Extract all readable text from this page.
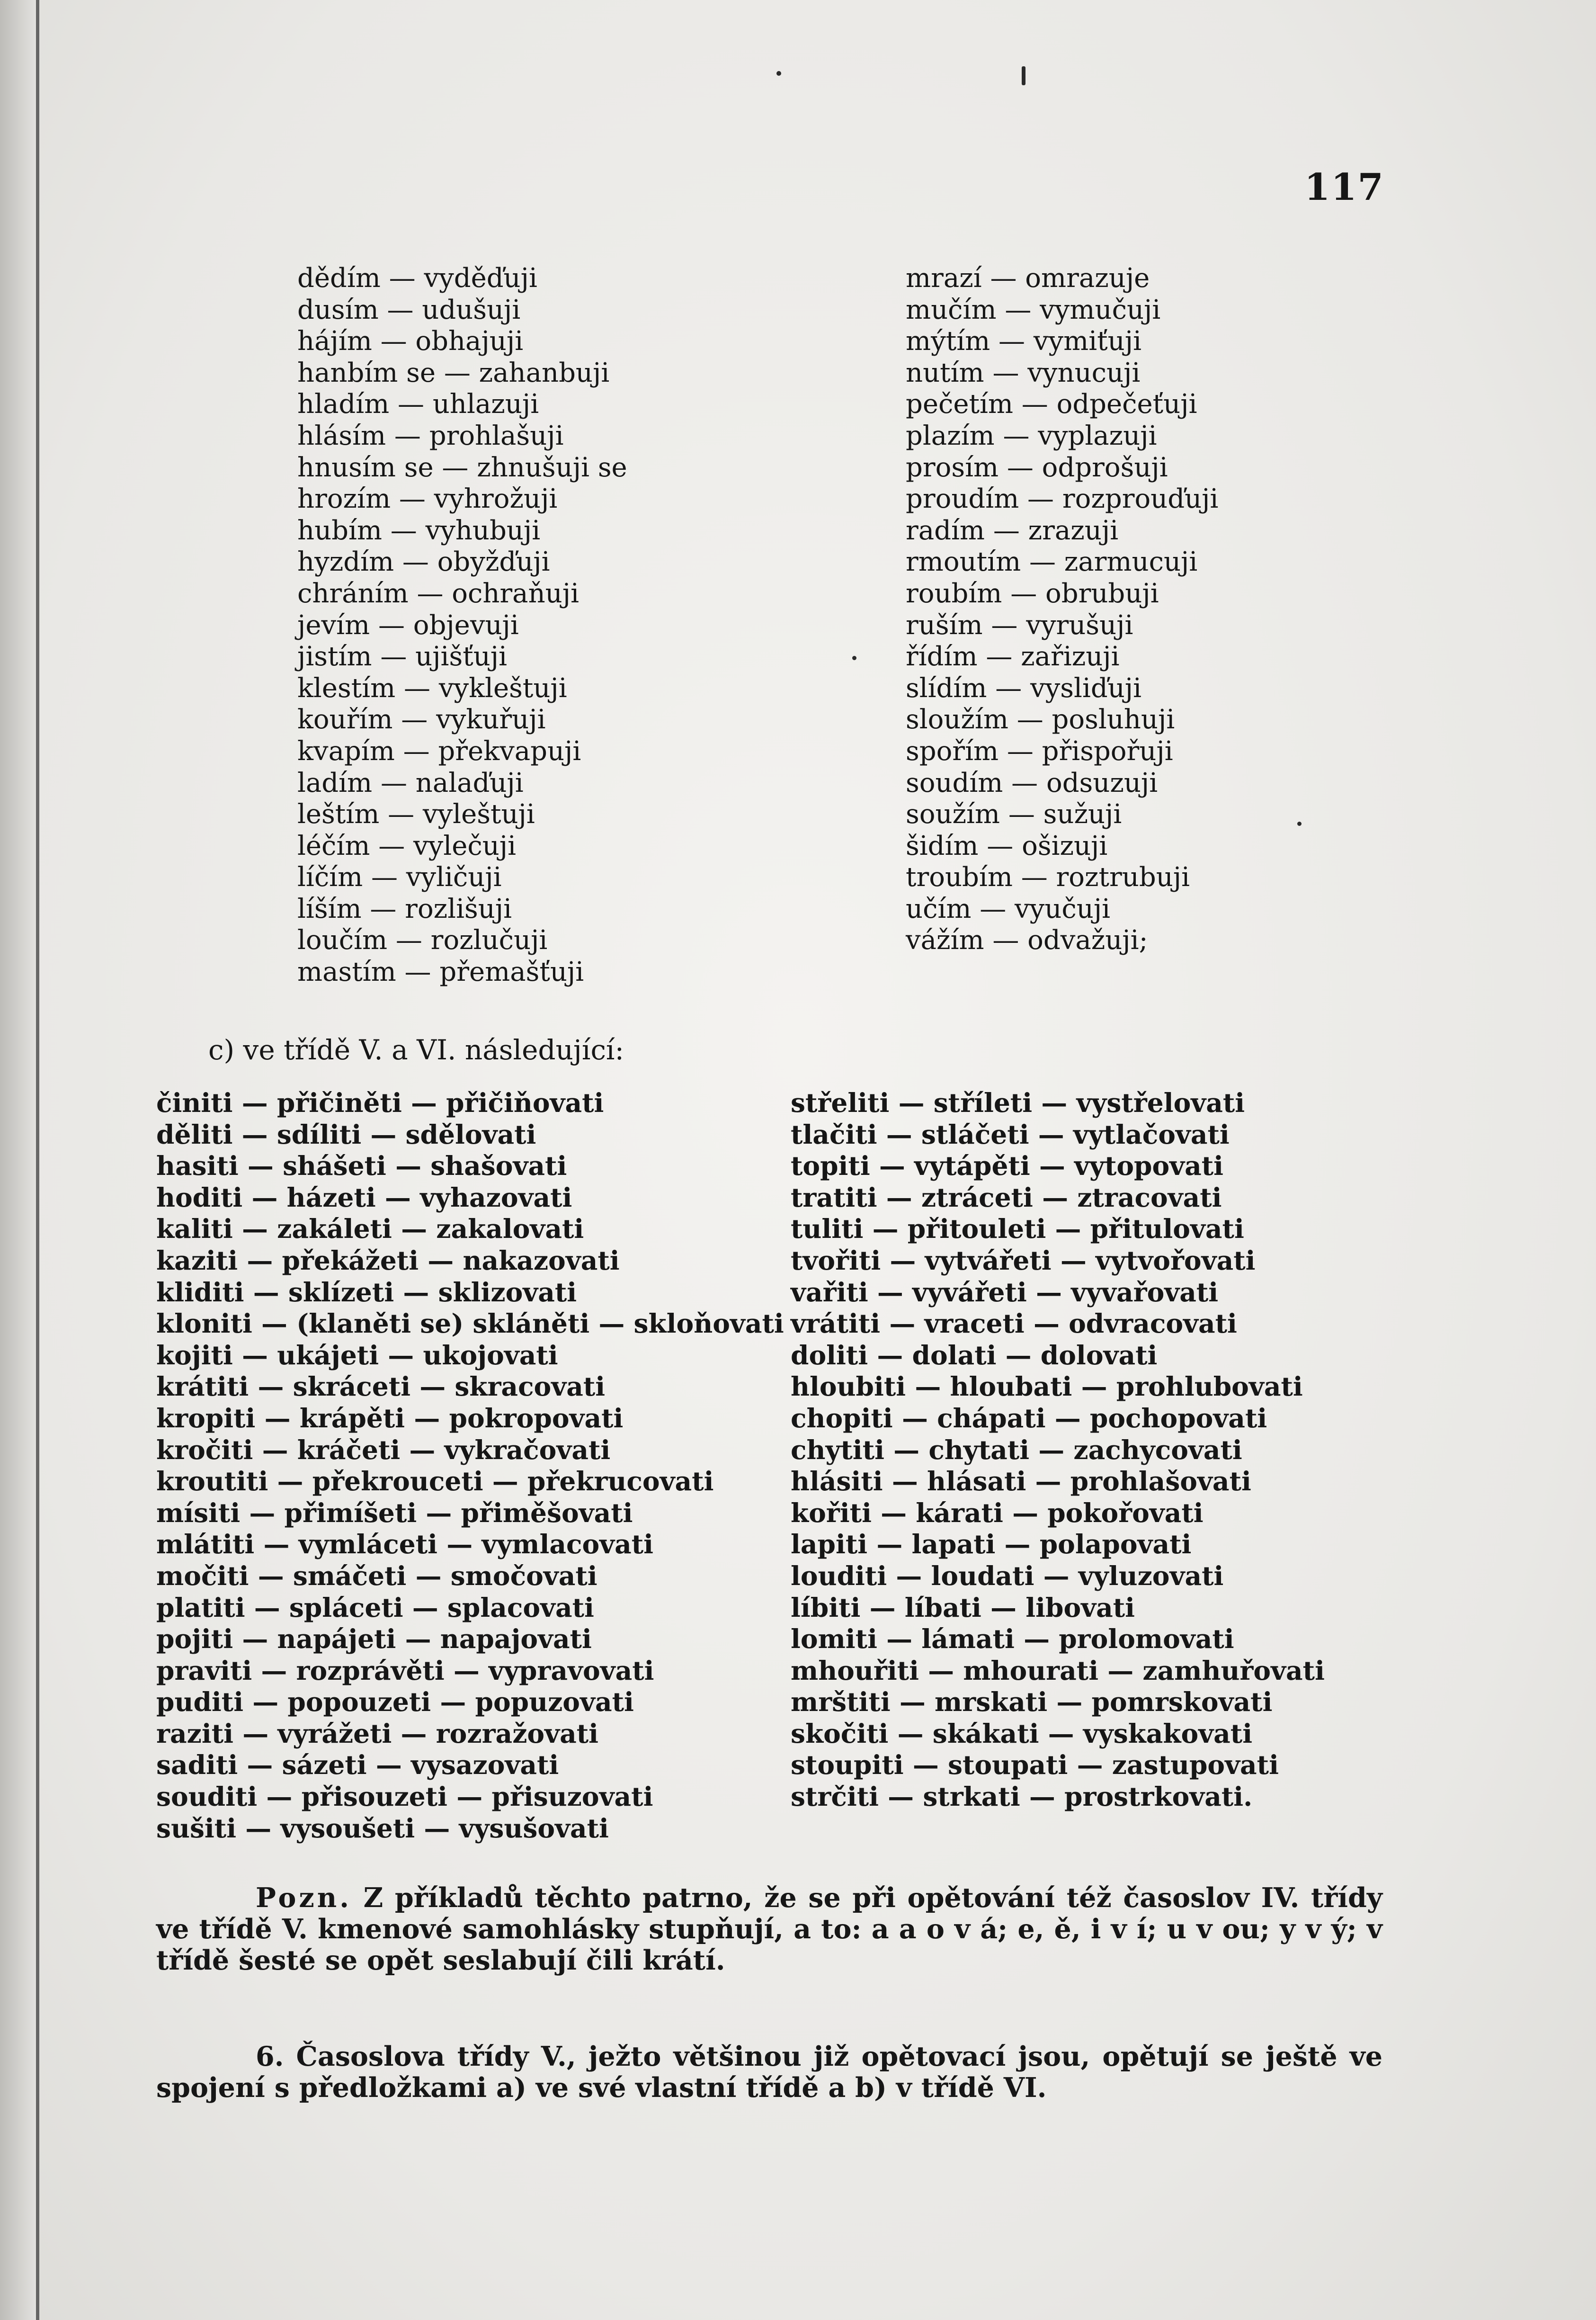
117
dědím — vyděďuji
dusím — udušuji
hájím — obhajuji
hanbím se — zahanbuji
hladím — uhlazuji
hlásím — prohlašuji
hnusím se — zhnušuji se
hrozím — vyhrožuji
hubím — vyhubuji
hyzdím — obyžďuji
chráním — ochraňuji
jevím — objevuji
jistím — ujišťuji
klestím — vykleštuji
kouřím — vykuřuji
kvapím — překvapuji
ladím — nalaďuji
leštím — vyleštuji
léčím — vylečuji
líčím — vyličuji
líším — rozlišuji
loučím — rozlučuji
mastím — přemašťuji
mrazí — omrazuje
mučím — vymučuji
mýtím — vymiťuji
nutím — vynucuji
pečetím — odpečeťuji
plazím — vyplazuji
prosím — odprošuji
proudím — rozprouďuji
radím — zrazuji
rmoutím — zarmucuji
roubím — obrubuji
ruším — vyrušuji
řídím — zařizuji
slídím — vysliďuji
sloužím — posluhuji
spořím — přispořuji
soudím — odsuzuji
soužím — sužuji
šidím — ošizuji
troubím — roztrubuji
učím — vyučuji
vážím — odvažuji;
c) ve třídě V. a VI. následující:
činiti — přičiněti — přičiňovati
děliti — sdíliti — sdělovati
hasiti — shášeti — shašovati
hoditi — házeti — vyhazovati
kaliti — zakáleti — zakalovati
kaziti — překážeti — nakazovati
kliditi — sklízeti — sklizovati
kloniti — (klaněti se) skláněti — skloňovati
kojiti — ukájeti — ukojovati
krátiti — skráceti — skracovati
kropiti — krápěti — pokropovati
kročiti — kráčeti — vykračovati
kroutiti — překrouceti — překrucovati
mísiti — přimíšeti — přiměšovati
mlátiti — vymláceti — vymlacovati
močiti — smáčeti — smočovati
platiti — spláceti — splacovati
pojiti — napájeti — napajovati
praviti — rozprávěti — vypravovati
puditi — popouzeti — popuzovati
raziti — vyrážeti — rozražovati
saditi — sázeti — vysazovati
souditi — přisouzeti — přisuzovati
sušiti — vysoušeti — vysušovati
střeliti — stříleti — vystřelovati
tlačiti — stláčeti — vytlačovati
topiti — vytápěti — vytopovati
tratiti — ztráceti — ztracovati
tuliti — přitouleti — přitulovati
tvořiti — vytvářeti — vytvořovati
vařiti — vyvářeti — vyvařovati
vrátiti — vraceti — odvracovati
doliti — dolati — dolovati
hloubiti — hloubati — prohlubovati
chopiti — chápati — pochopovati
chytiti — chytati — zachycovati
hlásiti — hlásati — prohlašovati
kořiti — kárati — pokořovati
lapiti — lapati — polapovati
louditi — loudati — vyluzovati
líbiti — líbati — libovati
lomiti — lámati — prolomovati
mhouřiti — mhourati — zamhuřovati
mrštiti — mrskati — pomrskovati
skočiti — skákati — vyskakovati
stoupiti — stoupati — zastupovati
strčiti — strkati — prostrkovati.
Pozn. Z příkladů těchto patrno, že se při opětování též časoslov IV. třídy ve třídě V. kmenové samohlásky stupňují, a to: a a o v á; e, ě, i v í; u v ou; y v ý; v třídě šesté se opět seslabují čili krátí.
6. Časoslova třídy V., ježto většinou již opětovací jsou, opětují se ještě ve spojení s předložkami a) ve své vlastní třídě a b) v třídě VI.
